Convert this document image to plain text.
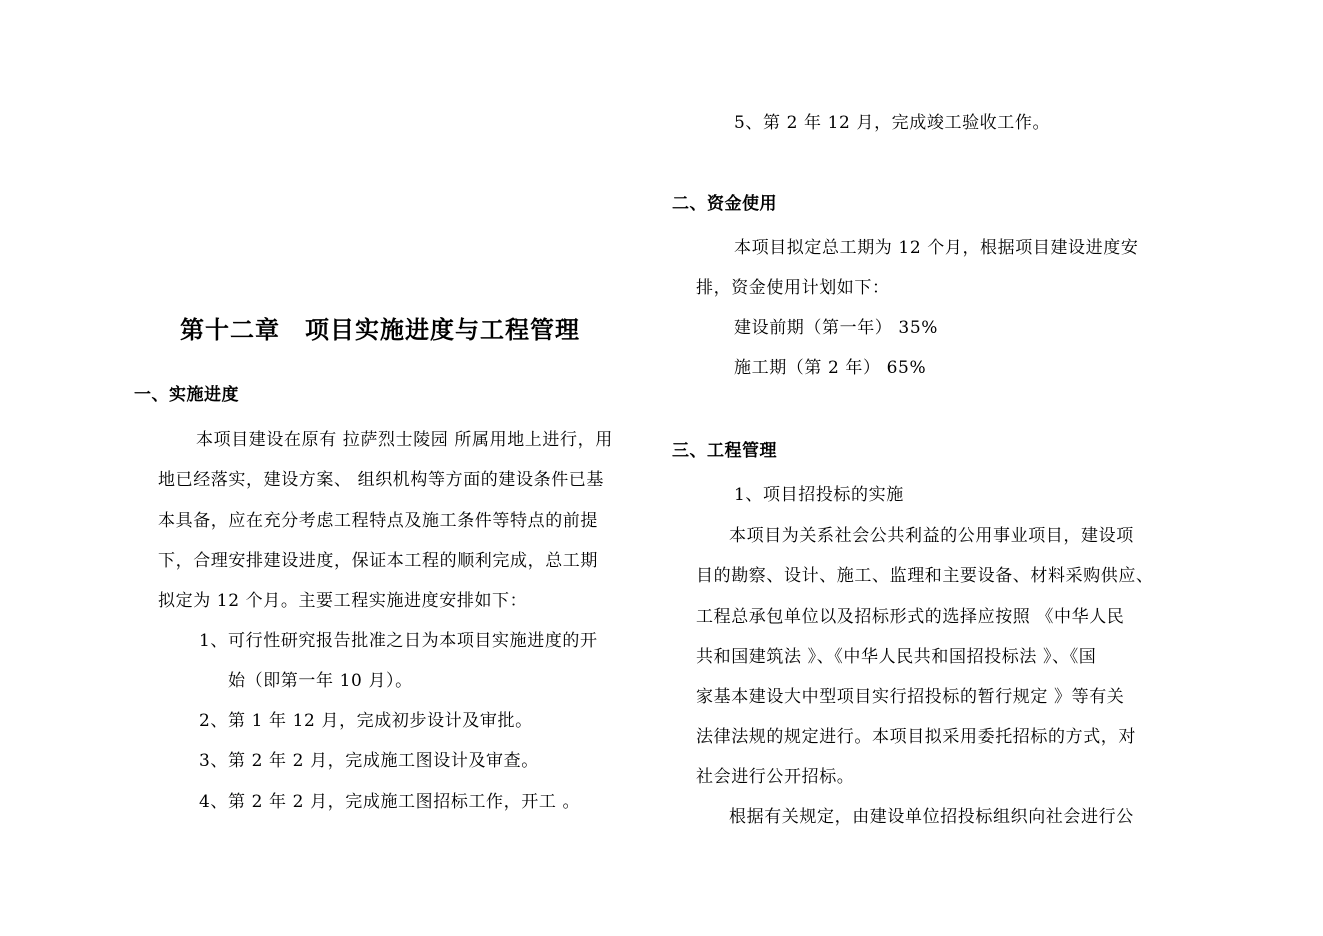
第十二章　项目实施进度与工程管理
一、实施进度
本项目建设在原有 拉萨烈士陵园 所属用地上进行，用
地已经落实，建设方案、 组织机构等方面的建设条件已基
本具备，应在充分考虑工程特点及施工条件等特点的前提
下，合理安排建设进度，保证本工程的顺利完成，总工期
拟定为 12 个月。主要工程实施进度安排如下：
1、可行性研究报告批准之日为本项目实施进度的开
始（即第一年 10 月）。
2、第 1 年 12 月，完成初步设计及审批。
3、第 2 年 2 月，完成施工图设计及审查。
4、第 2 年 2 月，完成施工图招标工作，开工 。
5、第 2 年 12 月，完成竣工验收工作。
二、资金使用
本项目拟定总工期为 12 个月，根据项目建设进度安
排，资金使用计划如下：
建设前期（第一年） 35%
施工期（第 2 年） 65%
三、工程管理
1、项目招投标的实施
本项目为关系社会公共利益的公用事业项目，建设项
目的勘察、设计、施工、监理和主要设备、材料采购供应、
工程总承包单位以及招标形式的选择应按照 《中华人民
共和国建筑法 》、《中华人民共和国招投标法 》、《国
家基本建设大中型项目实行招投标的暂行规定 》等有关
法律法规的规定进行。本项目拟采用委托招标的方式，对
社会进行公开招标。
根据有关规定，由建设单位招投标组织向社会进行公
